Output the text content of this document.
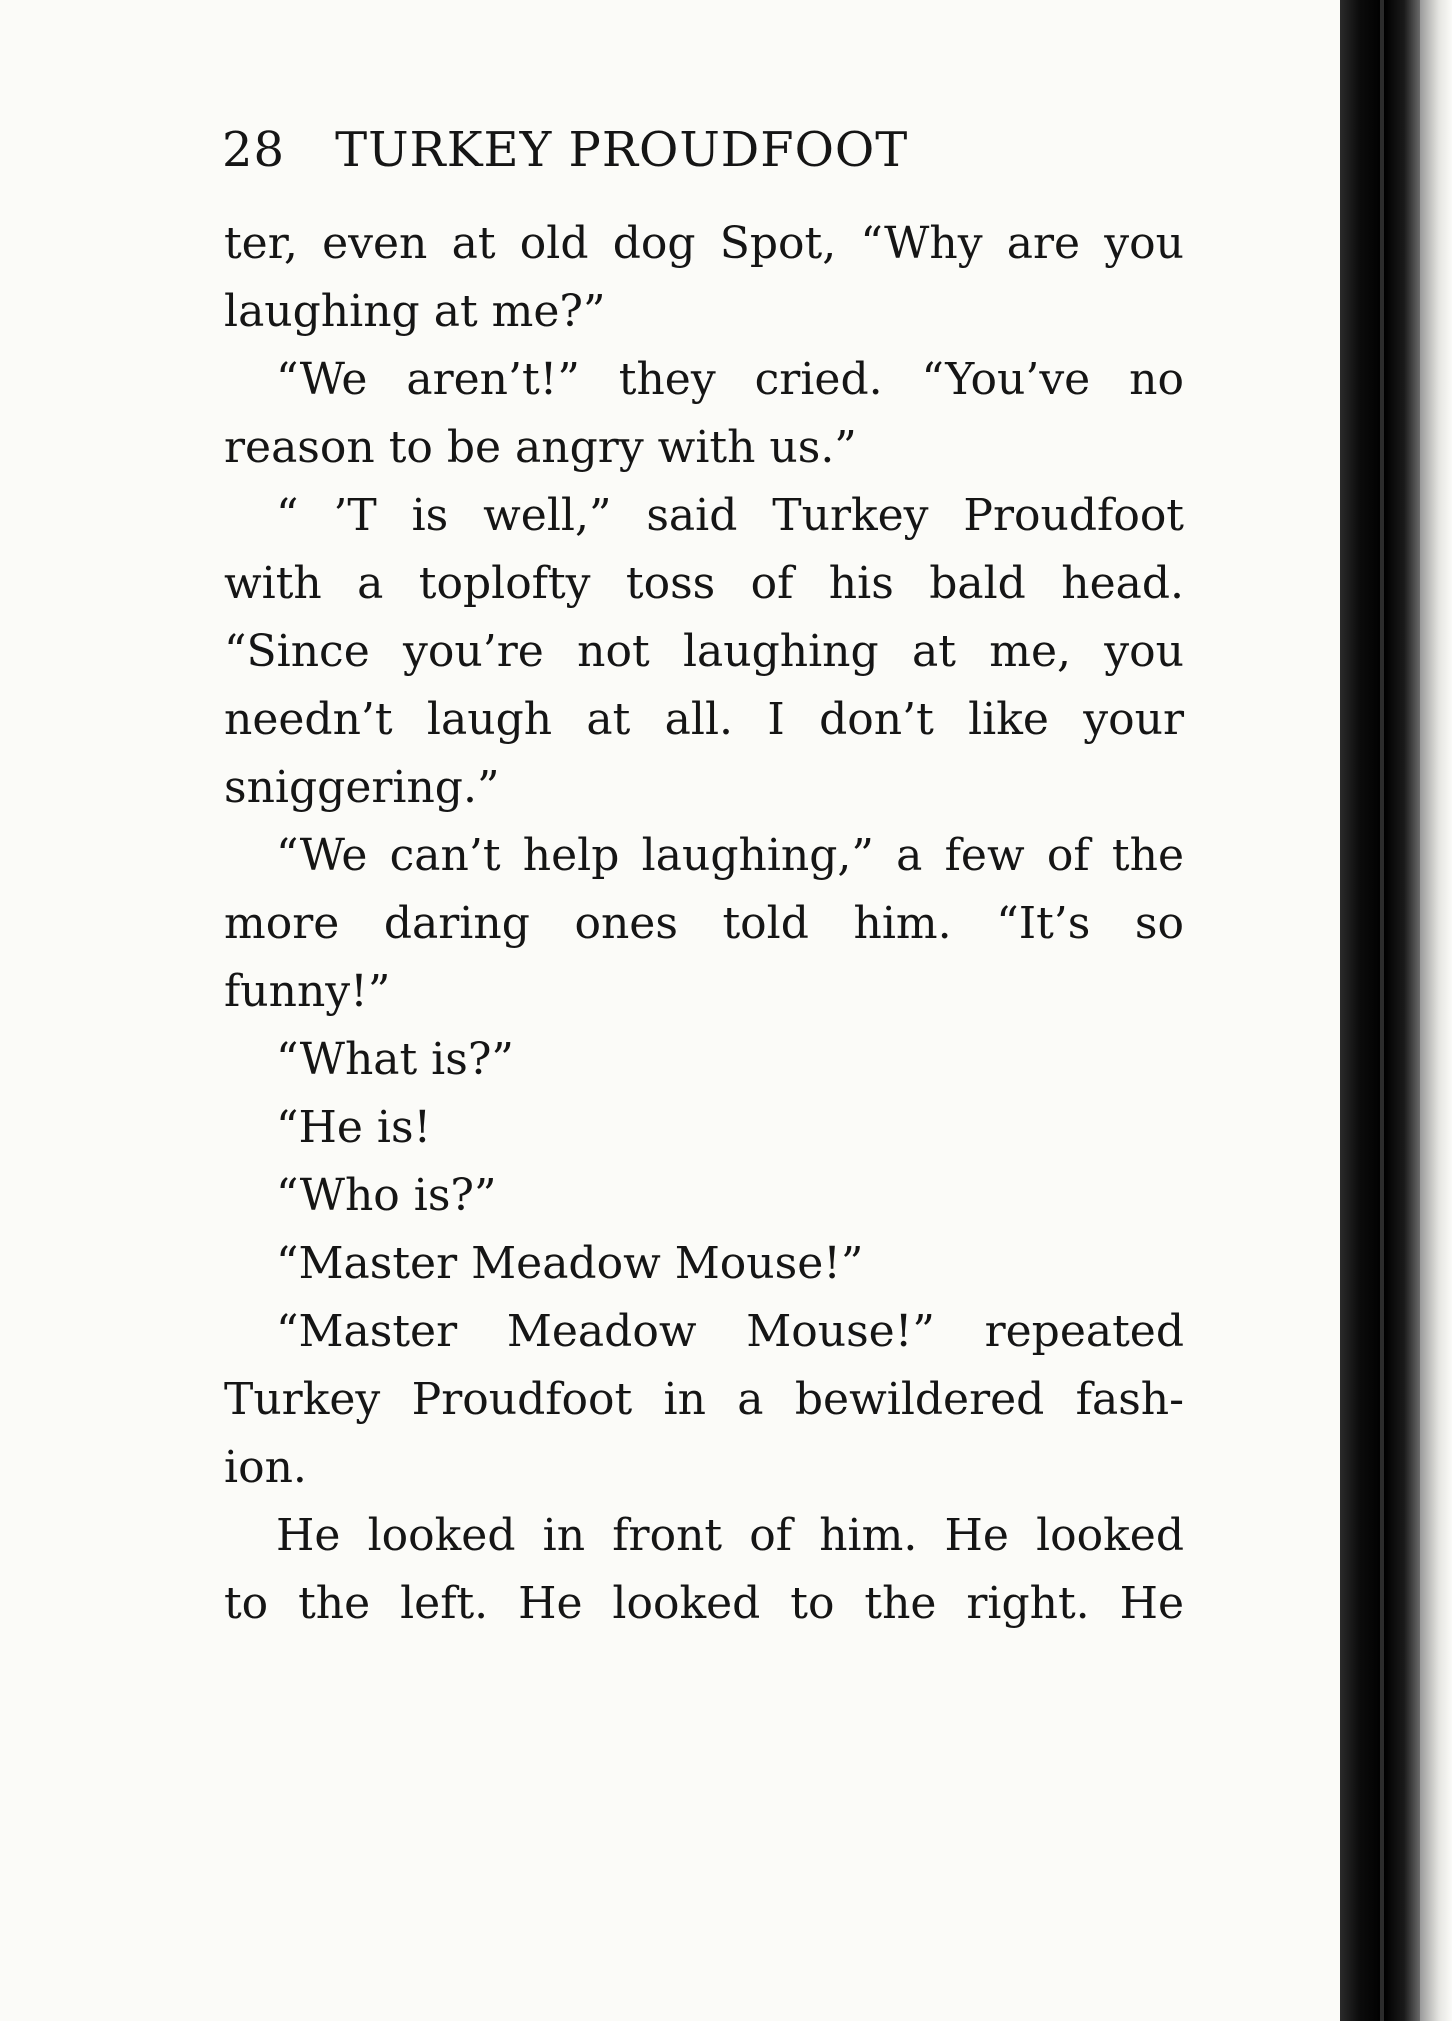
28 TURKEY PROUDFOOT
ter, even at old dog Spot, “Why are you
laughing at me?”
“We aren’t!” they cried. “You’ve no
reason to be angry with us.”
“ ’T is well,” said Turkey Proudfoot
with a toplofty toss of his bald head.
“Since you’re not laughing at me, you
needn’t laugh at all. I don’t like your
sniggering.”
“We can’t help laughing,” a few of the
more daring ones told him. “It’s so
funny!”
“What is?”
“He is!
“Who is?”
“Master Meadow Mouse!”
“Master Meadow Mouse!” repeated
Turkey Proudfoot in a bewildered fash-
ion.
He looked in front of him. He looked
to the left. He looked to the right. He
